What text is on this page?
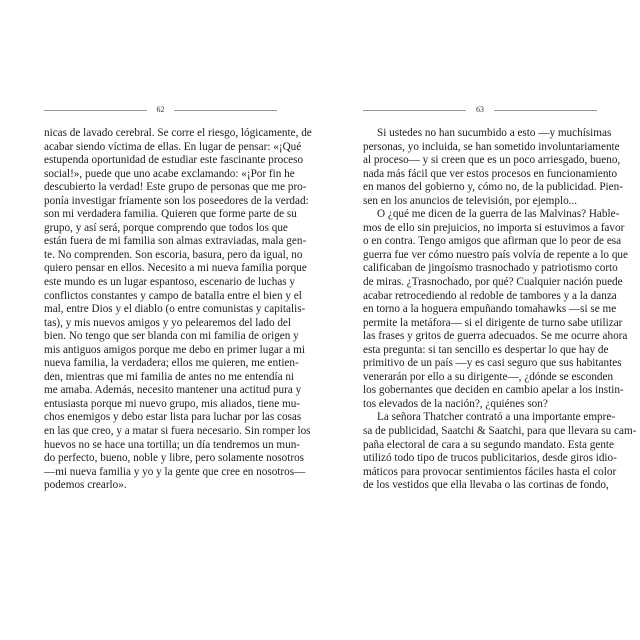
62
nicas de lavado cerebral. Se corre el riesgo, lógicamente, de
acabar siendo víctima de ellas. En lugar de pensar: «¡Qué
estupenda oportunidad de estudiar este fascinante proceso
social!», puede que uno acabe exclamando: «¡Por fin he
descubierto la verdad! Este grupo de personas que me pro-
ponía investigar fríamente son los poseedores de la verdad:
son mi verdadera familia. Quieren que forme parte de su
grupo, y así será, porque comprendo que todos los que
están fuera de mi familia son almas extraviadas, mala gen-
te. No comprenden. Son escoria, basura, pero da igual, no
quiero pensar en ellos. Necesito a mi nueva familia porque
este mundo es un lugar espantoso, escenario de luchas y
conflictos constantes y campo de batalla entre el bien y el
mal, entre Dios y el diablo (o entre comunistas y capitalis-
tas), y mis nuevos amigos y yo pelearemos del lado del
bien. No tengo que ser blanda con mi familia de origen y
mis antiguos amigos porque me debo en primer lugar a mi
nueva familia, la verdadera; ellos me quieren, me entien-
den, mientras que mi familia de antes no me entendía ni
me amaba. Además, necesito mantener una actitud pura y
entusiasta porque mi nuevo grupo, mis aliados, tiene mu-
chos enemigos y debo estar lista para luchar por las cosas
en las que creo, y a matar si fuera necesario. Sin romper los
huevos no se hace una tortilla; un día tendremos un mun-
do perfecto, bueno, noble y libre, pero solamente nosotros
—mi nueva familia y yo y la gente que cree en nosotros—
podemos crearlo».
63
Si ustedes no han sucumbido a esto —y muchísimas
personas, yo incluida, se han sometido involuntariamente
al proceso— y si creen que es un poco arriesgado, bueno,
nada más fácil que ver estos procesos en funcionamiento
en manos del gobierno y, cómo no, de la publicidad. Pien-
sen en los anuncios de televisión, por ejemplo...
O ¿qué me dicen de la guerra de las Malvinas? Hable-
mos de ello sin prejuicios, no importa si estuvimos a favor
o en contra. Tengo amigos que afirman que lo peor de esa
guerra fue ver cómo nuestro país volvía de repente a lo que
calificaban de jingoísmo trasnochado y patriotismo corto
de miras. ¿Trasnochado, por qué? Cualquier nación puede
acabar retrocediendo al redoble de tambores y a la danza
en torno a la hoguera empuñando tomahawks —si se me
permite la metáfora— si el dirigente de turno sabe utilizar
las frases y gritos de guerra adecuados. Se me ocurre ahora
esta pregunta: si tan sencillo es despertar lo que hay de
primitivo de un país —y es casi seguro que sus habitantes
venerarán por ello a su dirigente—, ¿dónde se esconden
los gobernantes que deciden en cambio apelar a los instin-
tos elevados de la nación?, ¿quiénes son?
La señora Thatcher contrató a una importante empre-
sa de publicidad, Saatchi & Saatchi, para que llevara su cam-
paña electoral de cara a su segundo mandato. Esta gente
utilizó todo tipo de trucos publicitarios, desde giros idio-
máticos para provocar sentimientos fáciles hasta el color
de los vestidos que ella llevaba o las cortinas de fondo,
